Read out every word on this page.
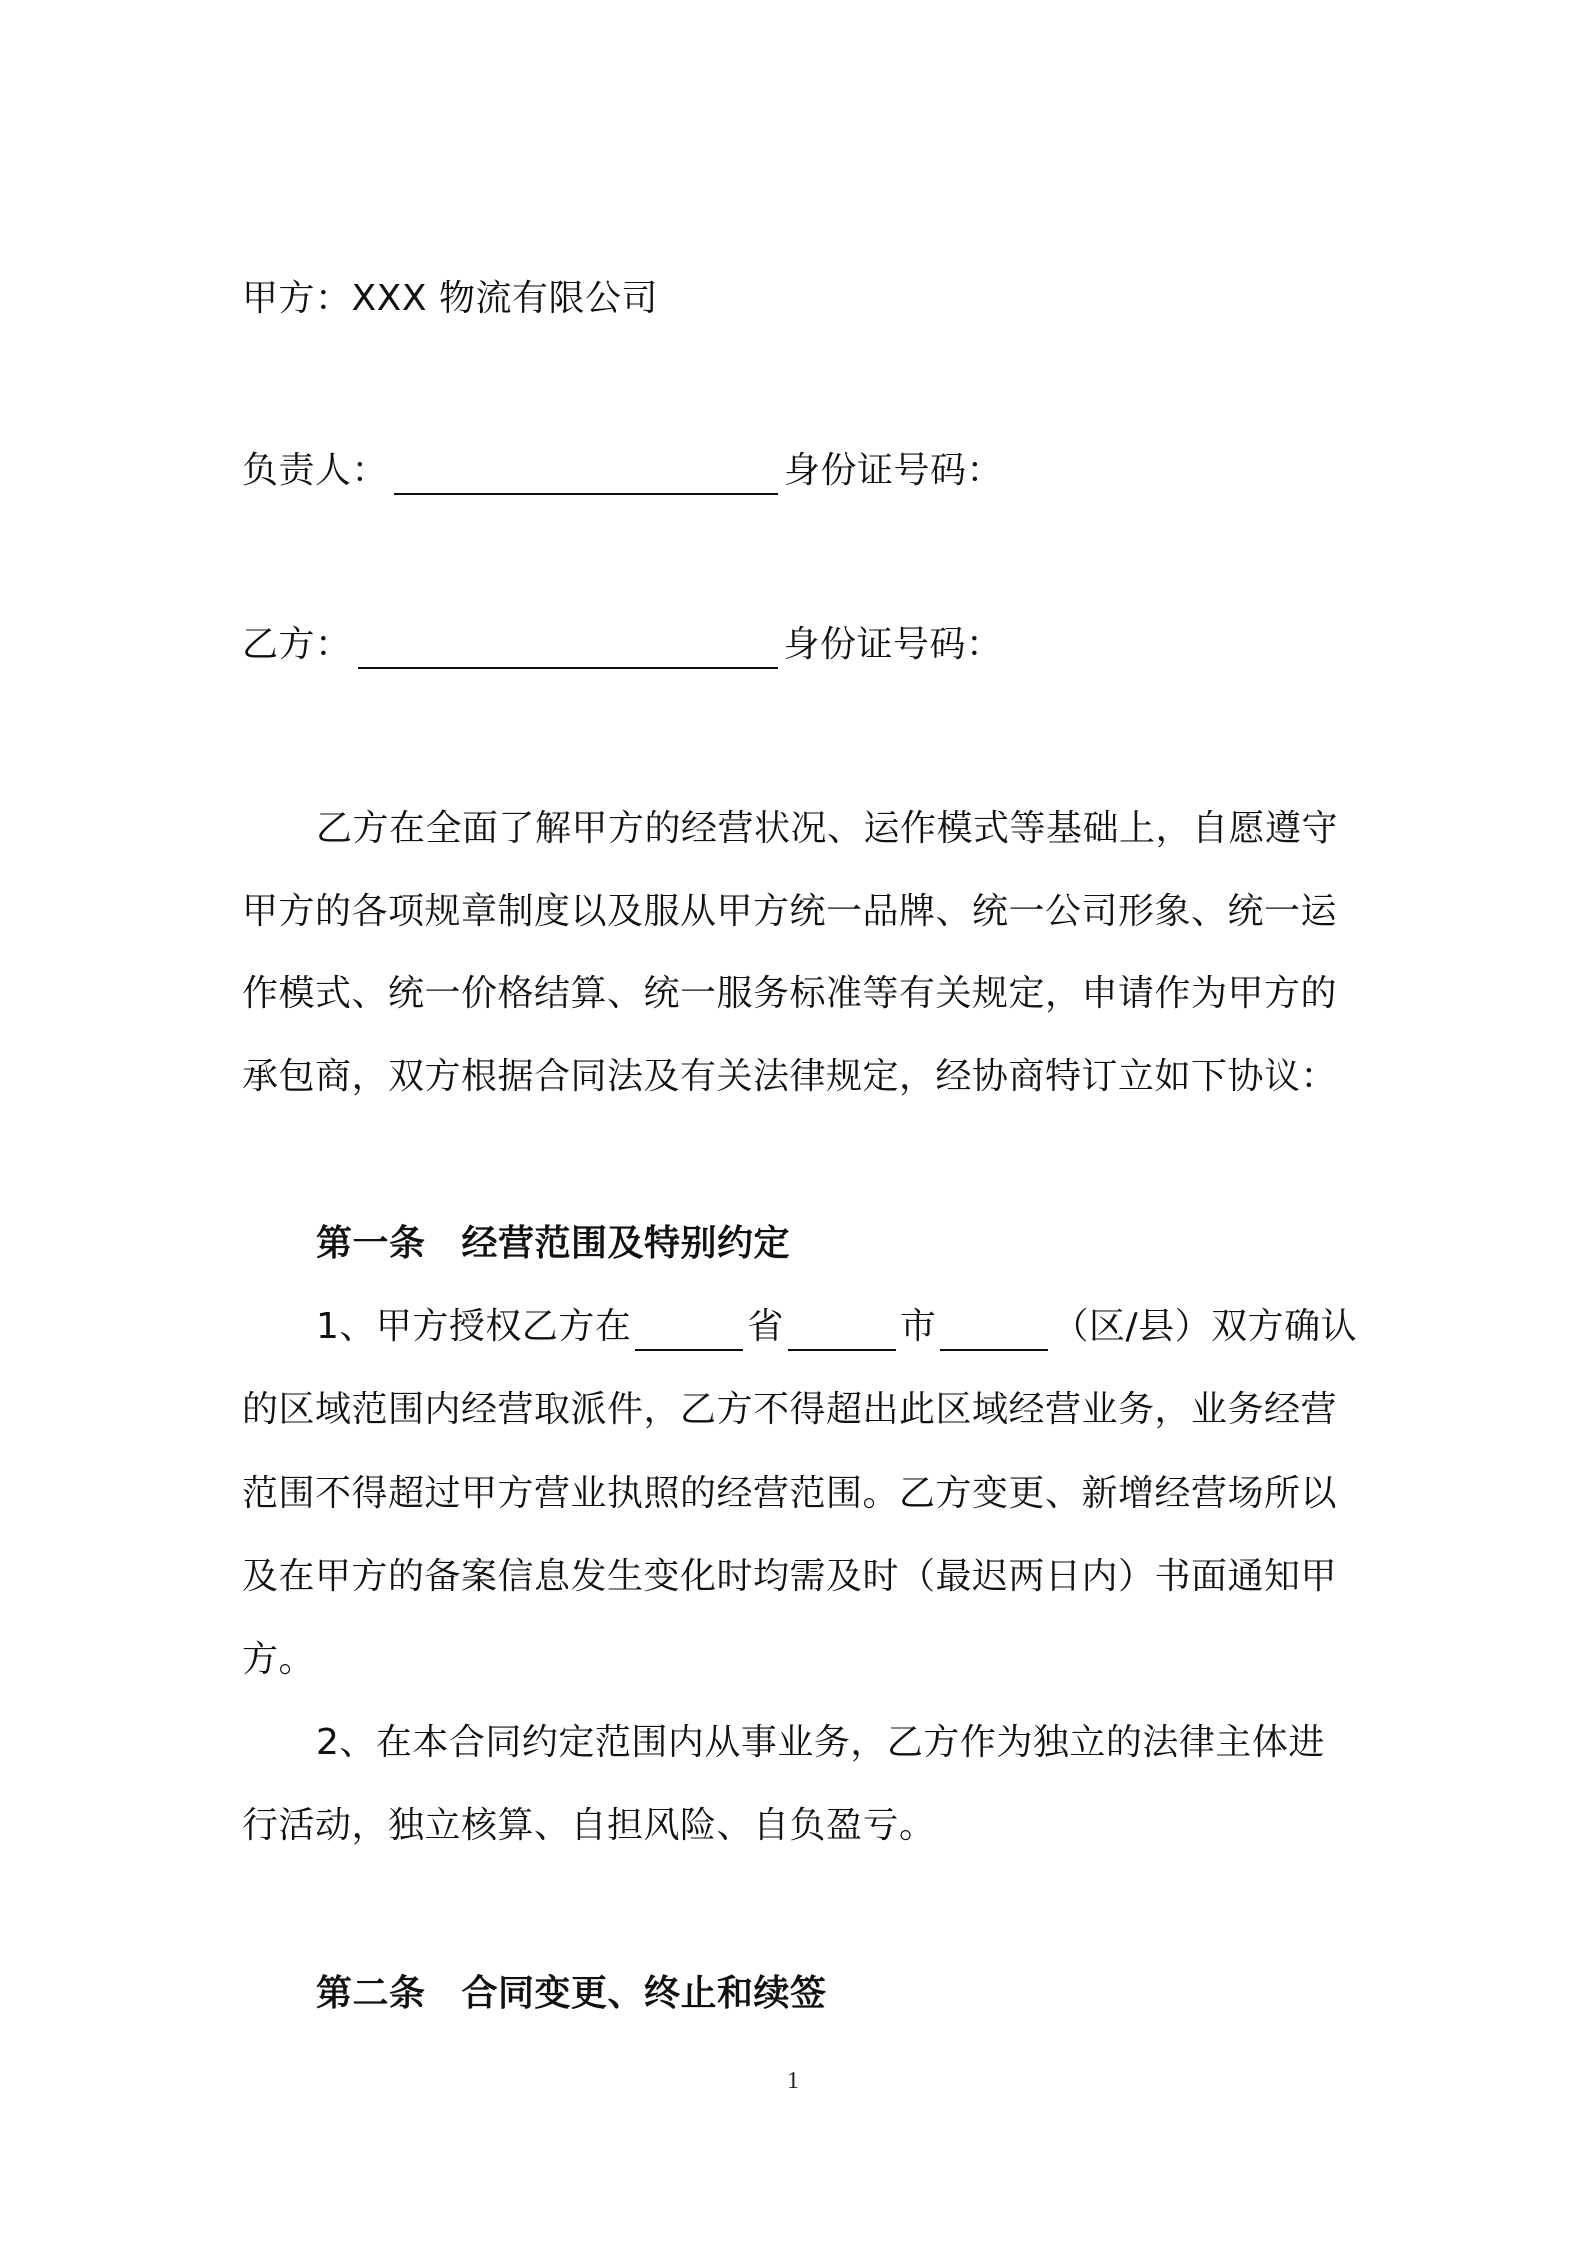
甲方：XXX 物流有限公司
负责人：	身份证号码：
乙方：	身份证号码：
乙方在全面了解甲方的经营状况、运作模式等基础上，自愿遵守
甲方的各项规章制度以及服从甲方统一品牌、统一公司形象、统一运
作模式、统一价格结算、统一服务标准等有关规定，申请作为甲方的
承包商，双方根据合同法及有关法律规定，经协商特订立如下协议：
第一条 经营范围及特别约定
1、甲方授权乙方在	省	市	（区/县）双方确认
的区域范围内经营取派件，乙方不得超出此区域经营业务，业务经营
范围不得超过甲方营业执照的经营范围。乙方变更、新增经营场所以
及在甲方的备案信息发生变化时均需及时（最迟两日内）书面通知甲
方。
2、在本合同约定范围内从事业务，乙方作为独立的法律主体进
行活动，独立核算、自担风险、自负盈亏。
第二条 合同变更、终止和续签
1
